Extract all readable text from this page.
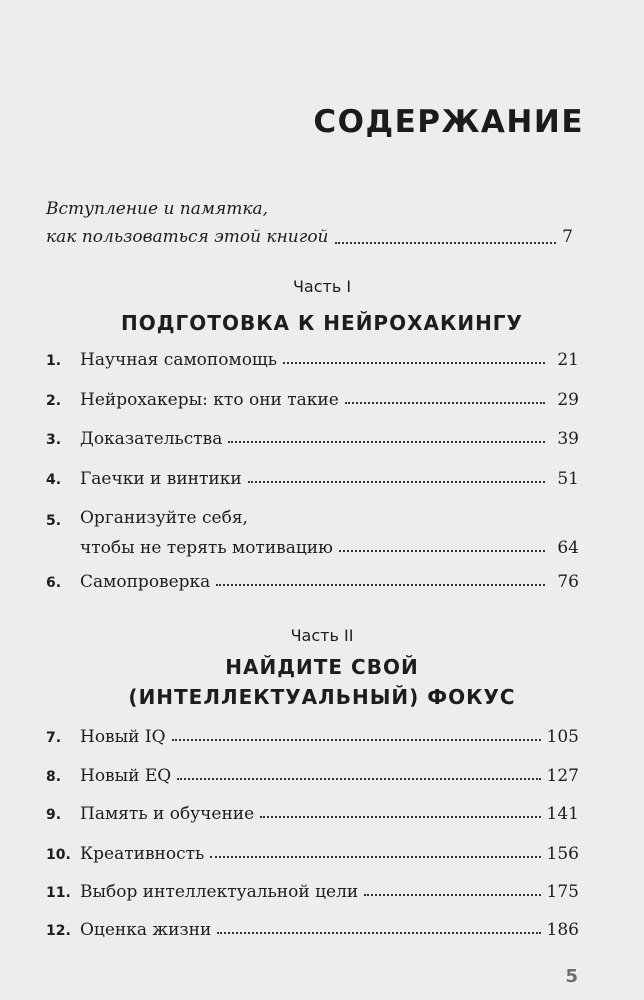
СОДЕРЖАНИЕ
Вступление и памятка,
как пользоваться этой книгой	7
Часть I
ПОДГОТОВКА К НЕЙРОХАКИНГУ
1.	Научная самопомощь	21
2.	Нейрохакеры: кто они такие	29
3.	Доказательства	39
4.	Гаечки и винтики	51
5.	Организуйте себя,
чтобы не терять мотивацию	64
6.	Самопроверка	76
Часть II
НАЙДИТЕ СВОЙ
(ИНТЕЛЛЕКТУАЛЬНЫЙ) ФОКУС
7.	Новый IQ	105
8.	Новый EQ	127
9.	Память и обучение	141
10. Креативность	156
11. Выбор интеллектуальной цели	175
12. Оценка жизни	186
5
